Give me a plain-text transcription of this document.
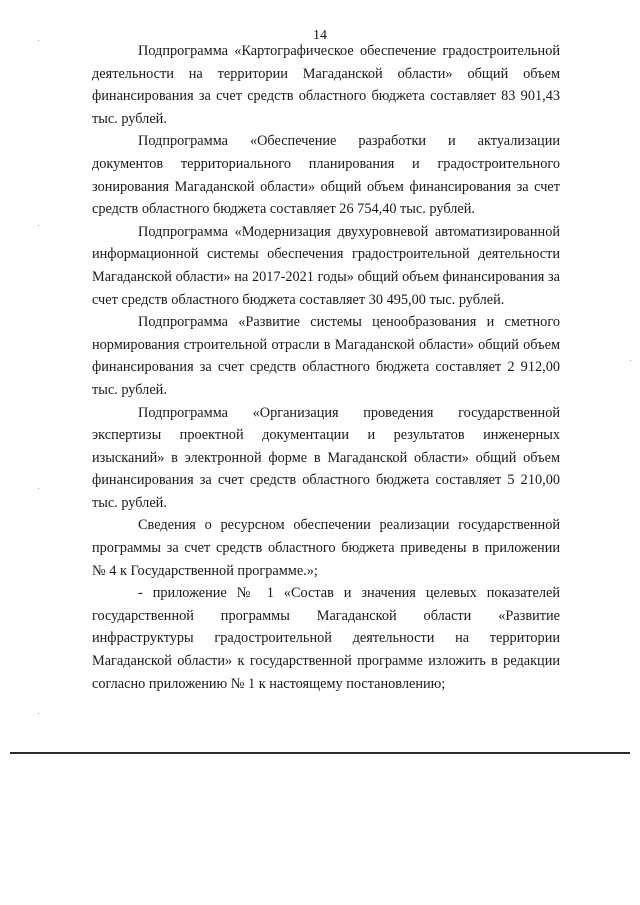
14

Подпрограмма «Картографическое обеспечение градостроительной деятельности на территории Магаданской области» общий объем финансирования за счет средств областного бюджета составляет 83 901,43 тыс. рублей.

Подпрограмма «Обеспечение разработки и актуализации документов территориального планирования и градостроительного зонирования Магаданской области» общий объем финансирования за счет средств областного бюджета составляет 26 754,40 тыс. рублей.

Подпрограмма «Модернизация двухуровневой автоматизированной информационной системы обеспечения градостроительной деятельности Магаданской области» на 2017-2021 годы» общий объем финансирования за счет средств областного бюджета составляет 30 495,00 тыс. рублей.

Подпрограмма «Развитие системы ценообразования и сметного нормирования строительной отрасли в Магаданской области» общий объем финансирования за счет средств областного бюджета составляет 2 912,00 тыс. рублей.

Подпрограмма «Организация проведения государственной экспертизы проектной документации и результатов инженерных изысканий» в электронной форме в Магаданской области» общий объем финансирования за счет средств областного бюджета составляет 5 210,00 тыс. рублей.

Сведения о ресурсном обеспечении реализации государственной программы за счет средств областного бюджета приведены в приложении № 4 к Государственной программе.»;

- приложение № 1 «Состав и значения целевых показателей государственной программы Магаданской области «Развитие инфраструктуры градостроительной деятельности на территории Магаданской области» к государственной программе изложить в редакции согласно приложению № 1 к настоящему постановлению;
